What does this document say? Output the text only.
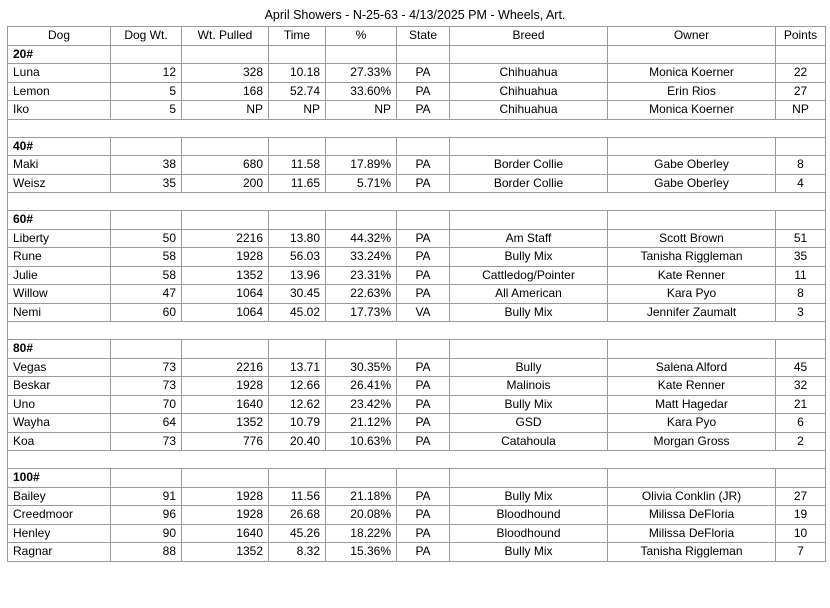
April Showers - N-25-63 - 4/13/2025 PM - Wheels, Art.
Dog	Dog Wt.	Wt. Pulled	Time	%	State	Breed	Owner	Points
20#								
Luna	12	328	10.18	27.33%	PA	Chihuahua	Monica Koerner	22
Lemon	5	168	52.74	33.60%	PA	Chihuahua	Erin Rios	27
Iko	5	NP	NP	NP	PA	Chihuahua	Monica Koerner	NP

40#								
Maki	38	680	11.58	17.89%	PA	Border Collie	Gabe Oberley	8
Weisz	35	200	11.65	5.71%	PA	Border Collie	Gabe Oberley	4

60#								
Liberty	50	2216	13.80	44.32%	PA	Am Staff	Scott Brown	51
Rune	58	1928	56.03	33.24%	PA	Bully Mix	Tanisha Riggleman	35
Julie	58	1352	13.96	23.31%	PA	Cattledog/Pointer	Kate Renner	11
Willow	47	1064	30.45	22.63%	PA	All American	Kara Pyo	8
Nemi	60	1064	45.02	17.73%	VA	Bully Mix	Jennifer Zaumalt	3

80#								
Vegas	73	2216	13.71	30.35%	PA	Bully	Salena Alford	45
Beskar	73	1928	12.66	26.41%	PA	Malinois	Kate Renner	32
Uno	70	1640	12.62	23.42%	PA	Bully Mix	Matt Hagedar	21
Wayha	64	1352	10.79	21.12%	PA	GSD	Kara Pyo	6
Koa	73	776	20.40	10.63%	PA	Catahoula	Morgan Gross	2

100#								
Bailey	91	1928	11.56	21.18%	PA	Bully Mix	Olivia Conklin (JR)	27
Creedmoor	96	1928	26.68	20.08%	PA	Bloodhound	Milissa DeFloria	19
Henley	90	1640	45.26	18.22%	PA	Bloodhound	Milissa DeFloria	10
Ragnar	88	1352	8.32	15.36%	PA	Bully Mix	Tanisha Riggleman	7
